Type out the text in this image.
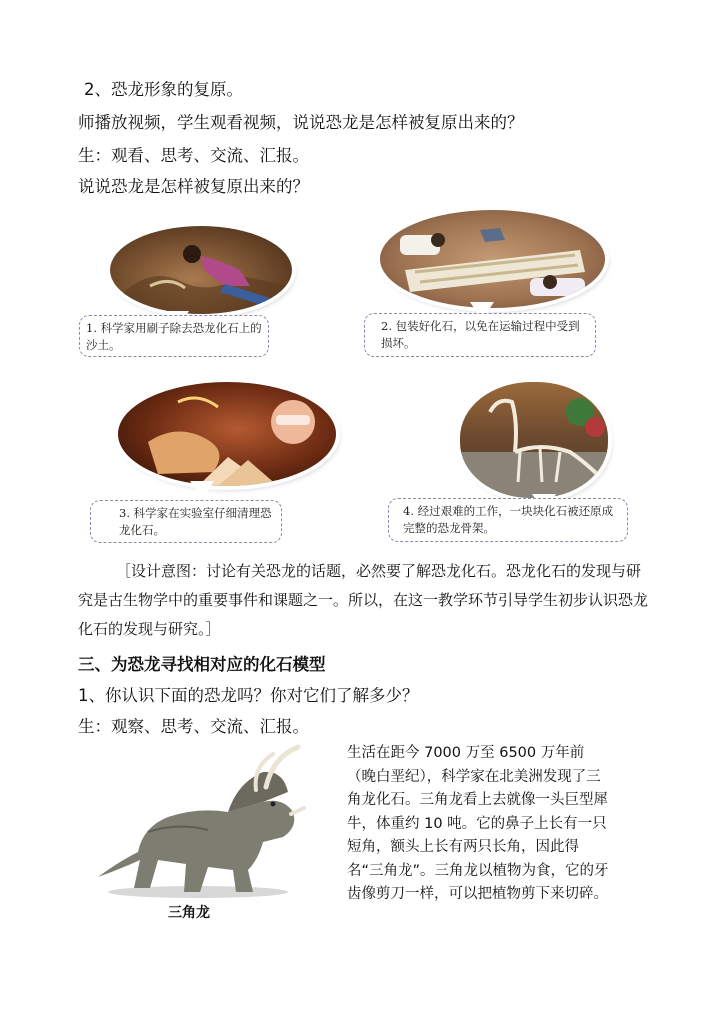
2、恐龙形象的复原。
师播放视频，学生观看视频，说说恐龙是怎样被复原出来的？
生：观看、思考、交流、汇报。
说说恐龙是怎样被复原出来的？
1. 科学家用刷子除去恐龙化石上的沙土。
2. 包装好化石，以免在运输过程中受到损坏。
3. 科学家在实验室仔细清理恐龙化石。
4. 经过艰难的工作，一块块化石被还原成完整的恐龙骨架。
［设计意图：讨论有关恐龙的话题，必然要了解恐龙化石。恐龙化石的发现与研究是古生物学中的重要事件和课题之一。所以，在这一教学环节引导学生初步认识恐龙化石的发现与研究。］
三、为恐龙寻找相对应的化石模型
1、你认识下面的恐龙吗？你对它们了解多少？
生：观察、思考、交流、汇报。
三角龙
生活在距今 7000 万至 6500 万年前（晚白垩纪），科学家在北美洲发现了三角龙化石。三角龙看上去就像一头巨型犀牛，体重约 10 吨。它的鼻子上长有一只短角，额头上长有两只长角，因此得名“三角龙”。三角龙以植物为食，它的牙齿像剪刀一样，可以把植物剪下来切碎。
